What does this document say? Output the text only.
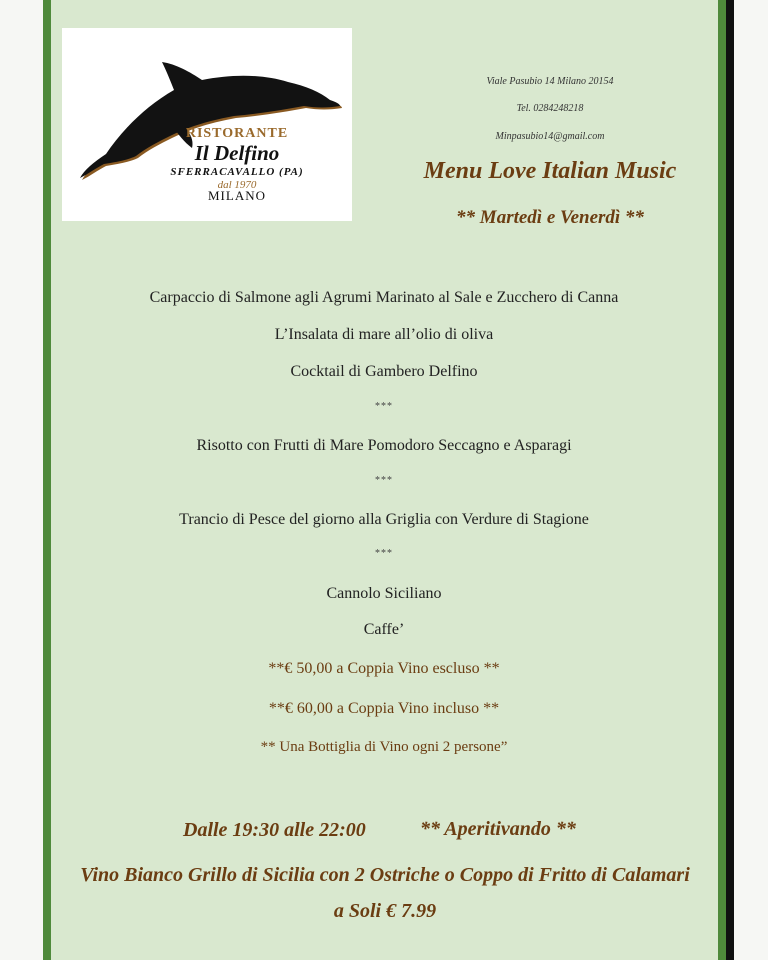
RISTORANTE
Il Delfino
SFERRACAVALLO (PA)
dal 1970
MILANO
Viale Pasubio 14 Milano 20154
Tel. 0284248218
Minpasubio14@gmail.com
Menu Love Italian Music
** Martedì e Venerdì **
Carpaccio di Salmone agli Agrumi Marinato al Sale e Zucchero di Canna
L’Insalata di mare all’olio di oliva
Cocktail di Gambero Delfino
***
Risotto con Frutti di Mare Pomodoro Seccagno e Asparagi
***
Trancio di Pesce del giorno alla Griglia con Verdure di Stagione
***
Cannolo Siciliano
Caffe’
**€ 50,00 a Coppia Vino escluso **
**€ 60,00 a Coppia Vino incluso **
** Una Bottiglia di Vino ogni 2 persone”
Dalle 19:30 alle 22:00	** Aperitivando **
Vino Bianco Grillo di Sicilia con 2 Ostriche o Coppo di Fritto di Calamari
a Soli € 7.99
